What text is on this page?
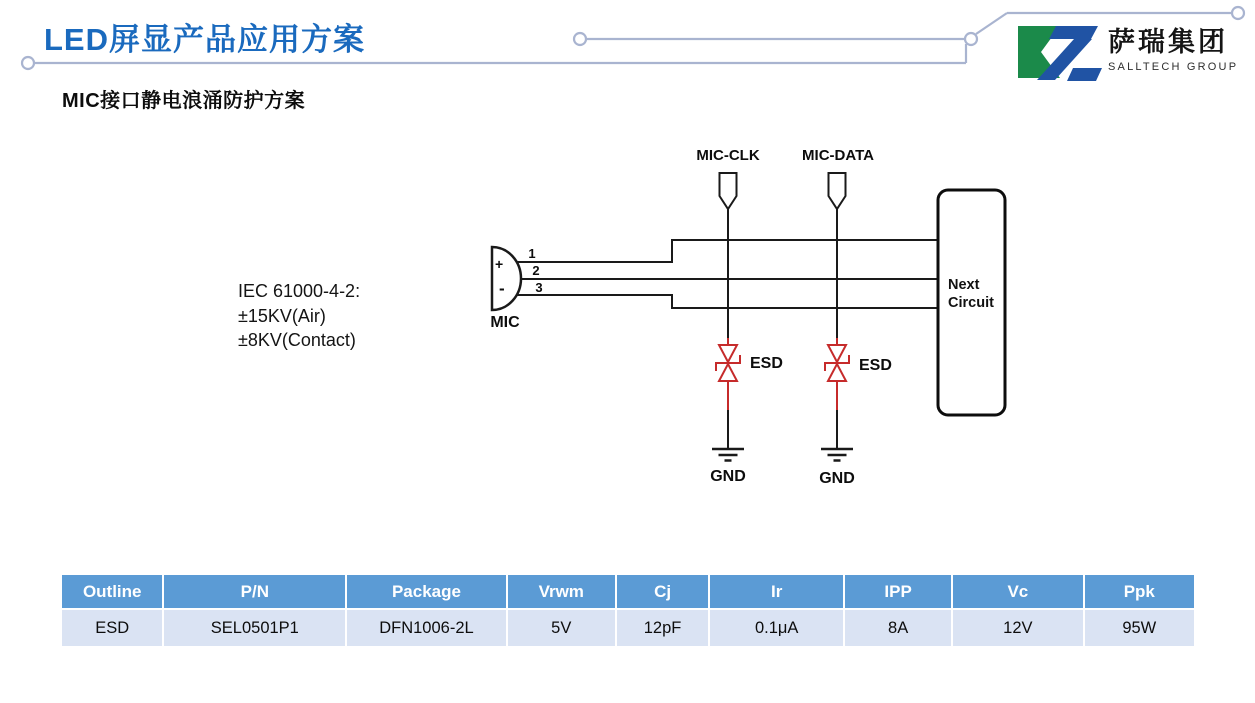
LED屏显产品应用方案
MIC接口静电浪涌防护方案
萨瑞集团
SALLTECH GROUP
IEC 61000-4-2:
±15KV(Air)
±8KV(Contact)
MIC-CLK	MIC-DATA
1
2
3
+
-
MIC
ESD	ESD
GND	GND
Next
Circuit
Outline	P/N	Package	Vrwm	Cj	Ir	IPP	Vc	Ppk
ESD	SEL0501P1	DFN1006-2L	5V	12pF	0.1μA	8A	12V	95W
